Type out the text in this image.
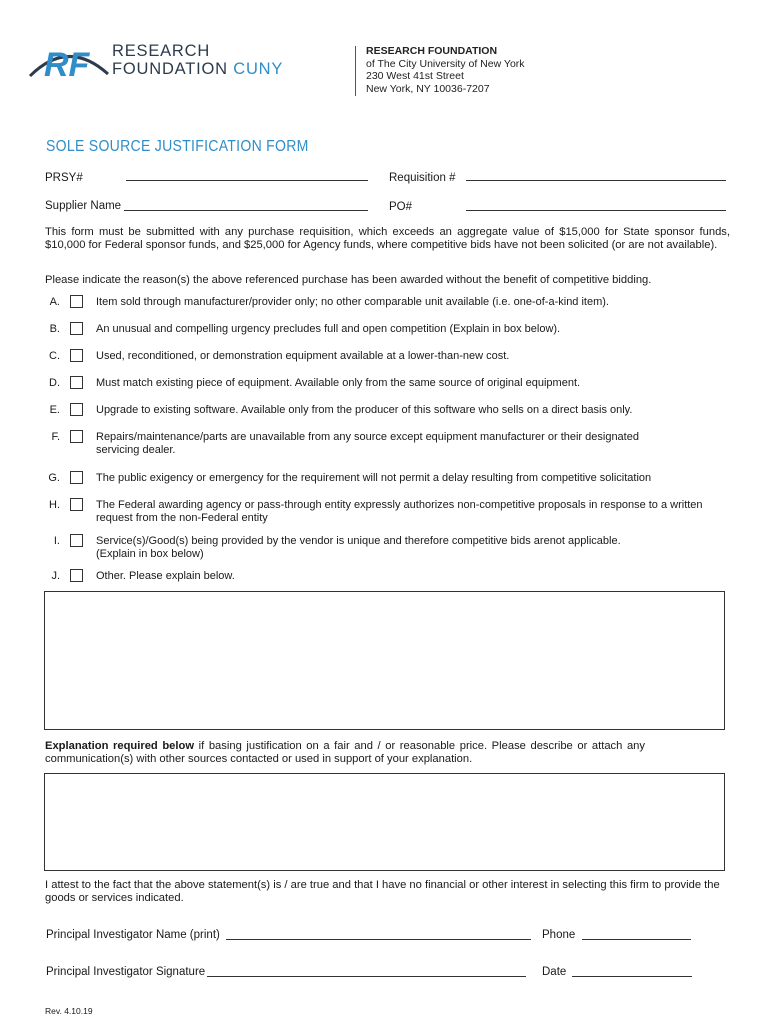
RF RESEARCH
FOUNDATION CUNY
RESEARCH FOUNDATION
of The City University of New York
230 West 41st Street
New York, NY 10036-7207
SOLE SOURCE JUSTIFICATION FORM
PRSY#	Requisition #
Supplier Name	PO#
This form must be submitted with any purchase requisition, which exceeds an aggregate value of $15,000 for State sponsor funds, $10,000 for Federal sponsor funds, and $25,000 for Agency funds, where competitive bids have not been solicited (or are not available).
Please indicate the reason(s) the above referenced purchase has been awarded without the benefit of competitive bidding.
A.	Item sold through manufacturer/provider only; no other comparable unit available (i.e. one-of-a-kind item).
B.	An unusual and compelling urgency precludes full and open competition (Explain in box below).
C.	Used, reconditioned, or demonstration equipment available at a lower-than-new cost.
D.	Must match existing piece of equipment. Available only from the same source of original equipment.
E.	Upgrade to existing software. Available only from the producer of this software who sells on a direct basis only.
F.	Repairs/maintenance/parts are unavailable from any source except equipment manufacturer or their designated servicing dealer.
G.	The public exigency or emergency for the requirement will not permit a delay resulting from competitive solicitation
H.	The Federal awarding agency or pass-through entity expressly authorizes non-competitive proposals in response to a written request from the non-Federal entity
I.	Service(s)/Good(s) being provided by the vendor is unique and therefore competitive bids arenot applicable. (Explain in box below)
J.	Other. Please explain below.
Explanation required below if basing justification on a fair and / or reasonable price. Please describe or attach any communication(s) with other sources contacted or used in support of your explanation.
I attest to the fact that the above statement(s) is / are true and that I have no financial or other interest in selecting this firm to provide the goods or services indicated.
Principal Investigator Name (print)	Phone
Principal Investigator Signature	Date
Rev. 4.10.19
